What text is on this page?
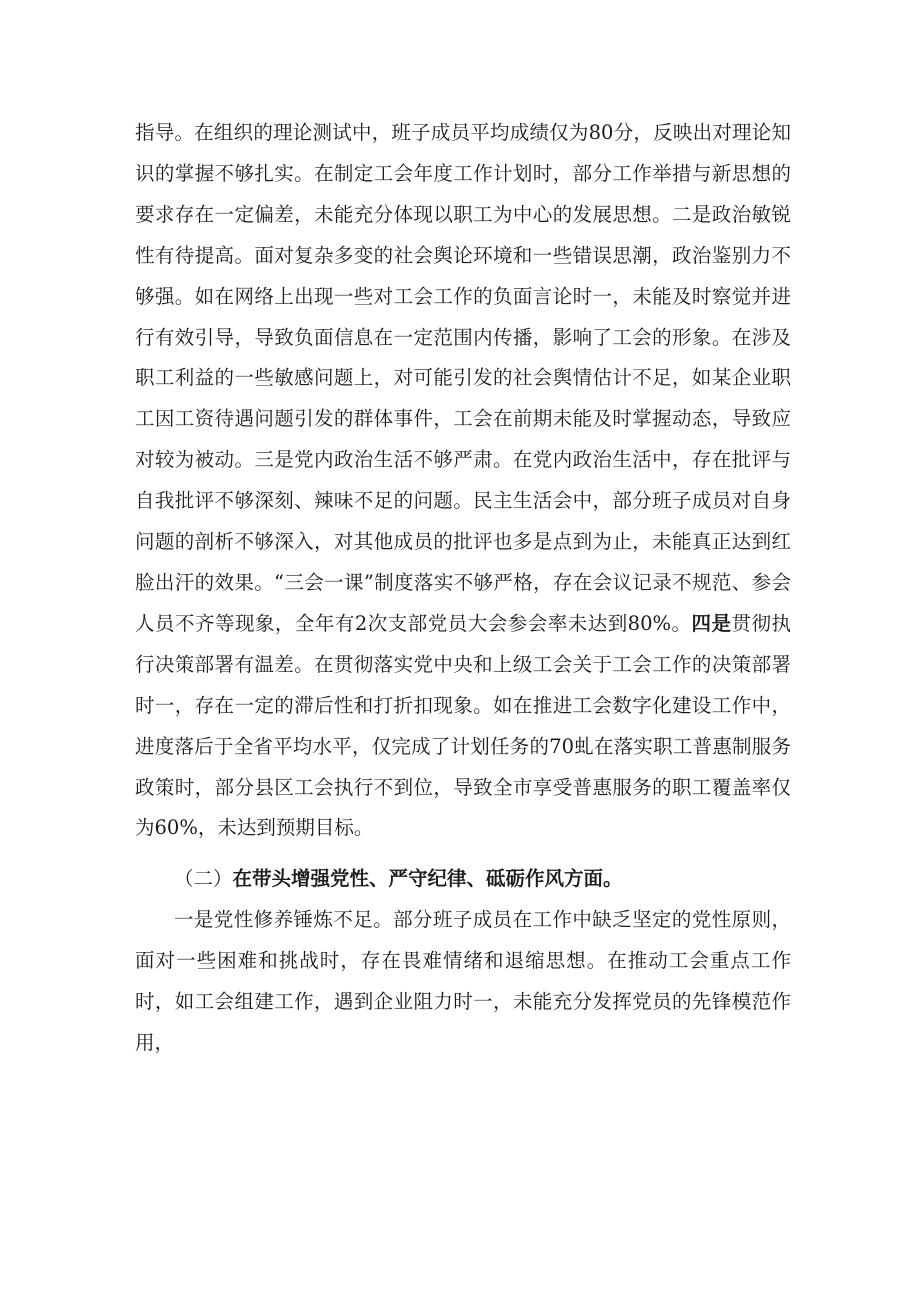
指导。在组织的理论测试中，班子成员平均成绩仅为80分，反映出对理论知识的掌握不够扎实。在制定工会年度工作计划时，部分工作举措与新思想的要求存在一定偏差，未能充分体现以职工为中心的发展思想。二是政治敏锐性有待提高。面对复杂多变的社会舆论环境和一些错误思潮，政治鉴别力不够强。如在网络上出现一些对工会工作的负面言论时一，未能及时察觉并进行有效引导，导致负面信息在一定范围内传播，影响了工会的形象。在涉及职工利益的一些敏感问题上，对可能引发的社会舆情估计不足，如某企业职工因工资待遇问题引发的群体事件，工会在前期未能及时掌握动态，导致应对较为被动。三是党内政治生活不够严肃。在党内政治生活中，存在批评与自我批评不够深刻、辣味不足的问题。民主生活会中，部分班子成员对自身问题的剖析不够深入，对其他成员的批评也多是点到为止，未能真正达到红脸出汗的效果。“三会一课”制度落实不够严格，存在会议记录不规范、参会人员不齐等现象，全年有2次支部党员大会参会率未达到80%。四是贯彻执行决策部署有温差。在贯彻落实党中央和上级工会关于工会工作的决策部署时一，存在一定的滞后性和打折扣现象。如在推进工会数字化建设工作中，进度落后于全省平均水平，仅完成了计划任务的70虬在落实职工普惠制服务政策时，部分县区工会执行不到位，导致全市享受普惠服务的职工覆盖率仅为60%，未达到预期目标。

（二）在带头增强党性、严守纪律、砥砺作风方面。

一是党性修养锤炼不足。部分班子成员在工作中缺乏坚定的党性原则，面对一些困难和挑战时，存在畏难情绪和退缩思想。在推动工会重点工作时，如工会组建工作，遇到企业阻力时一，未能充分发挥党员的先锋模范作用，
